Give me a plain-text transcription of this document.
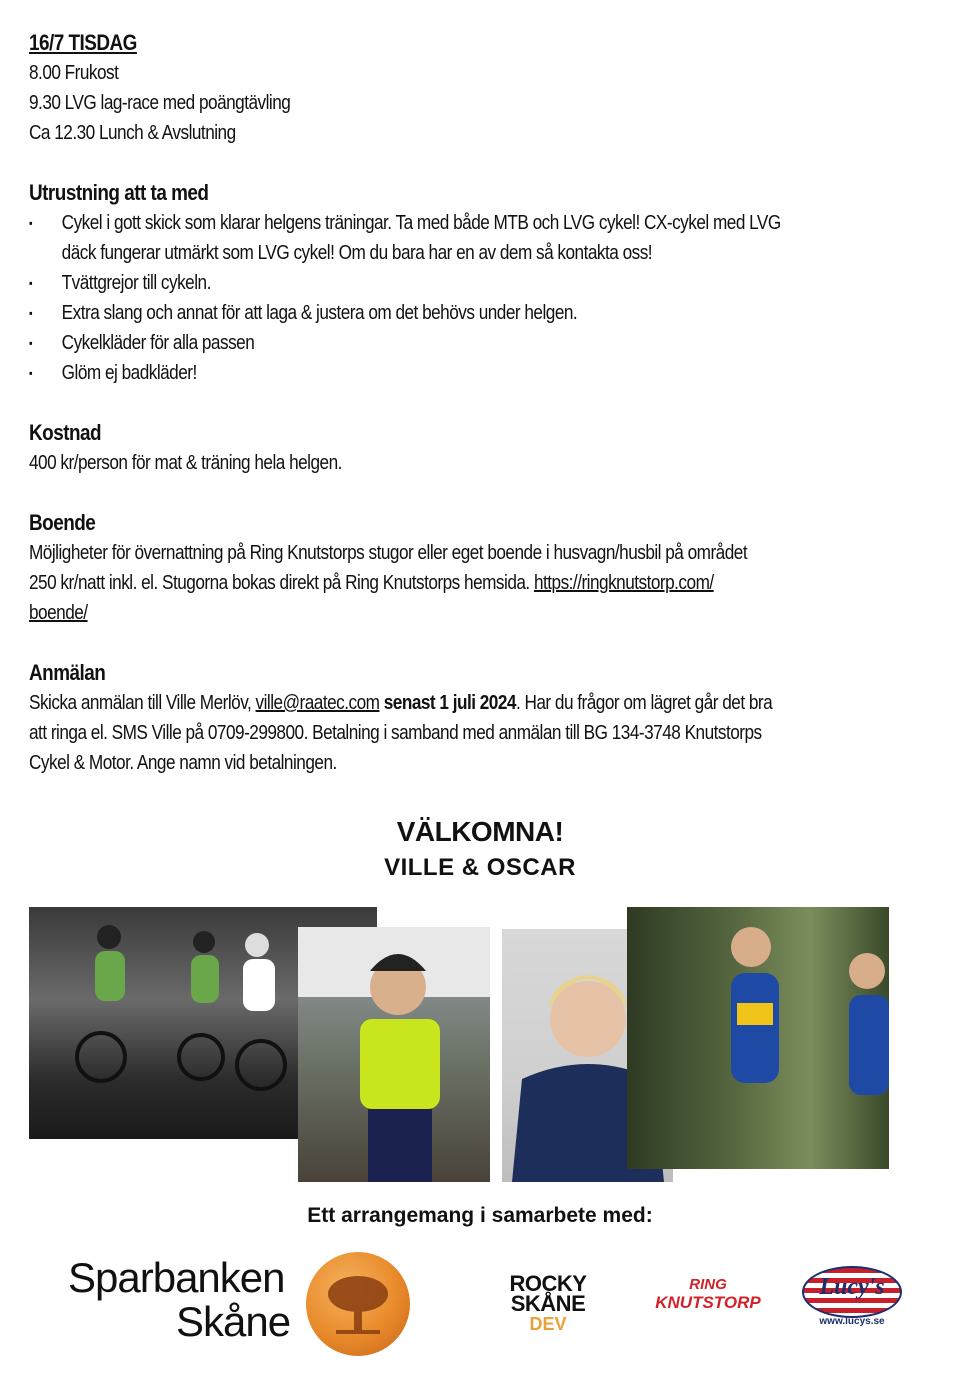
16/7 TISDAG
8.00 Frukost
9.30 LVG lag-race med poängtävling
Ca 12.30 Lunch & Avslutning
Utrustning att ta med
▪ Cykel i gott skick som klarar helgens träningar. Ta med både MTB och LVG cykel! CX-cykel med LVG
däck fungerar utmärkt som LVG cykel! Om du bara har en av dem så kontakta oss!
▪ Tvättgrejor till cykeln.
▪ Extra slang och annat för att laga & justera om det behövs under helgen.
▪ Cykelkläder för alla passen
▪ Glöm ej badkläder!
Kostnad
400 kr/person för mat & träning hela helgen.
Boende
Möjligheter för övernattning på Ring Knutstorps stugor eller eget boende i husvagn/husbil på området
250 kr/natt inkl. el. Stugorna bokas direkt på Ring Knutstorps hemsida. https://ringknutstorp.com/
boende/
Anmälan
Skicka anmälan till Ville Merlöv, ville@raatec.com senast 1 juli 2024. Har du frågor om lägret går det bra
att ringa el. SMS Ville på 0709-299800. Betalning i samband med anmälan till BG 134-3748 Knutstorps
Cykel & Motor. Ange namn vid betalningen.
VÄLKOMNA!
VILLE & OSCAR
Ett arrangemang i samarbete med:
Sparbanken
Skåne
ROCKY
SKÅNE
DEV
RING
KNUTSTORP
Lucy's
www.lucys.se
